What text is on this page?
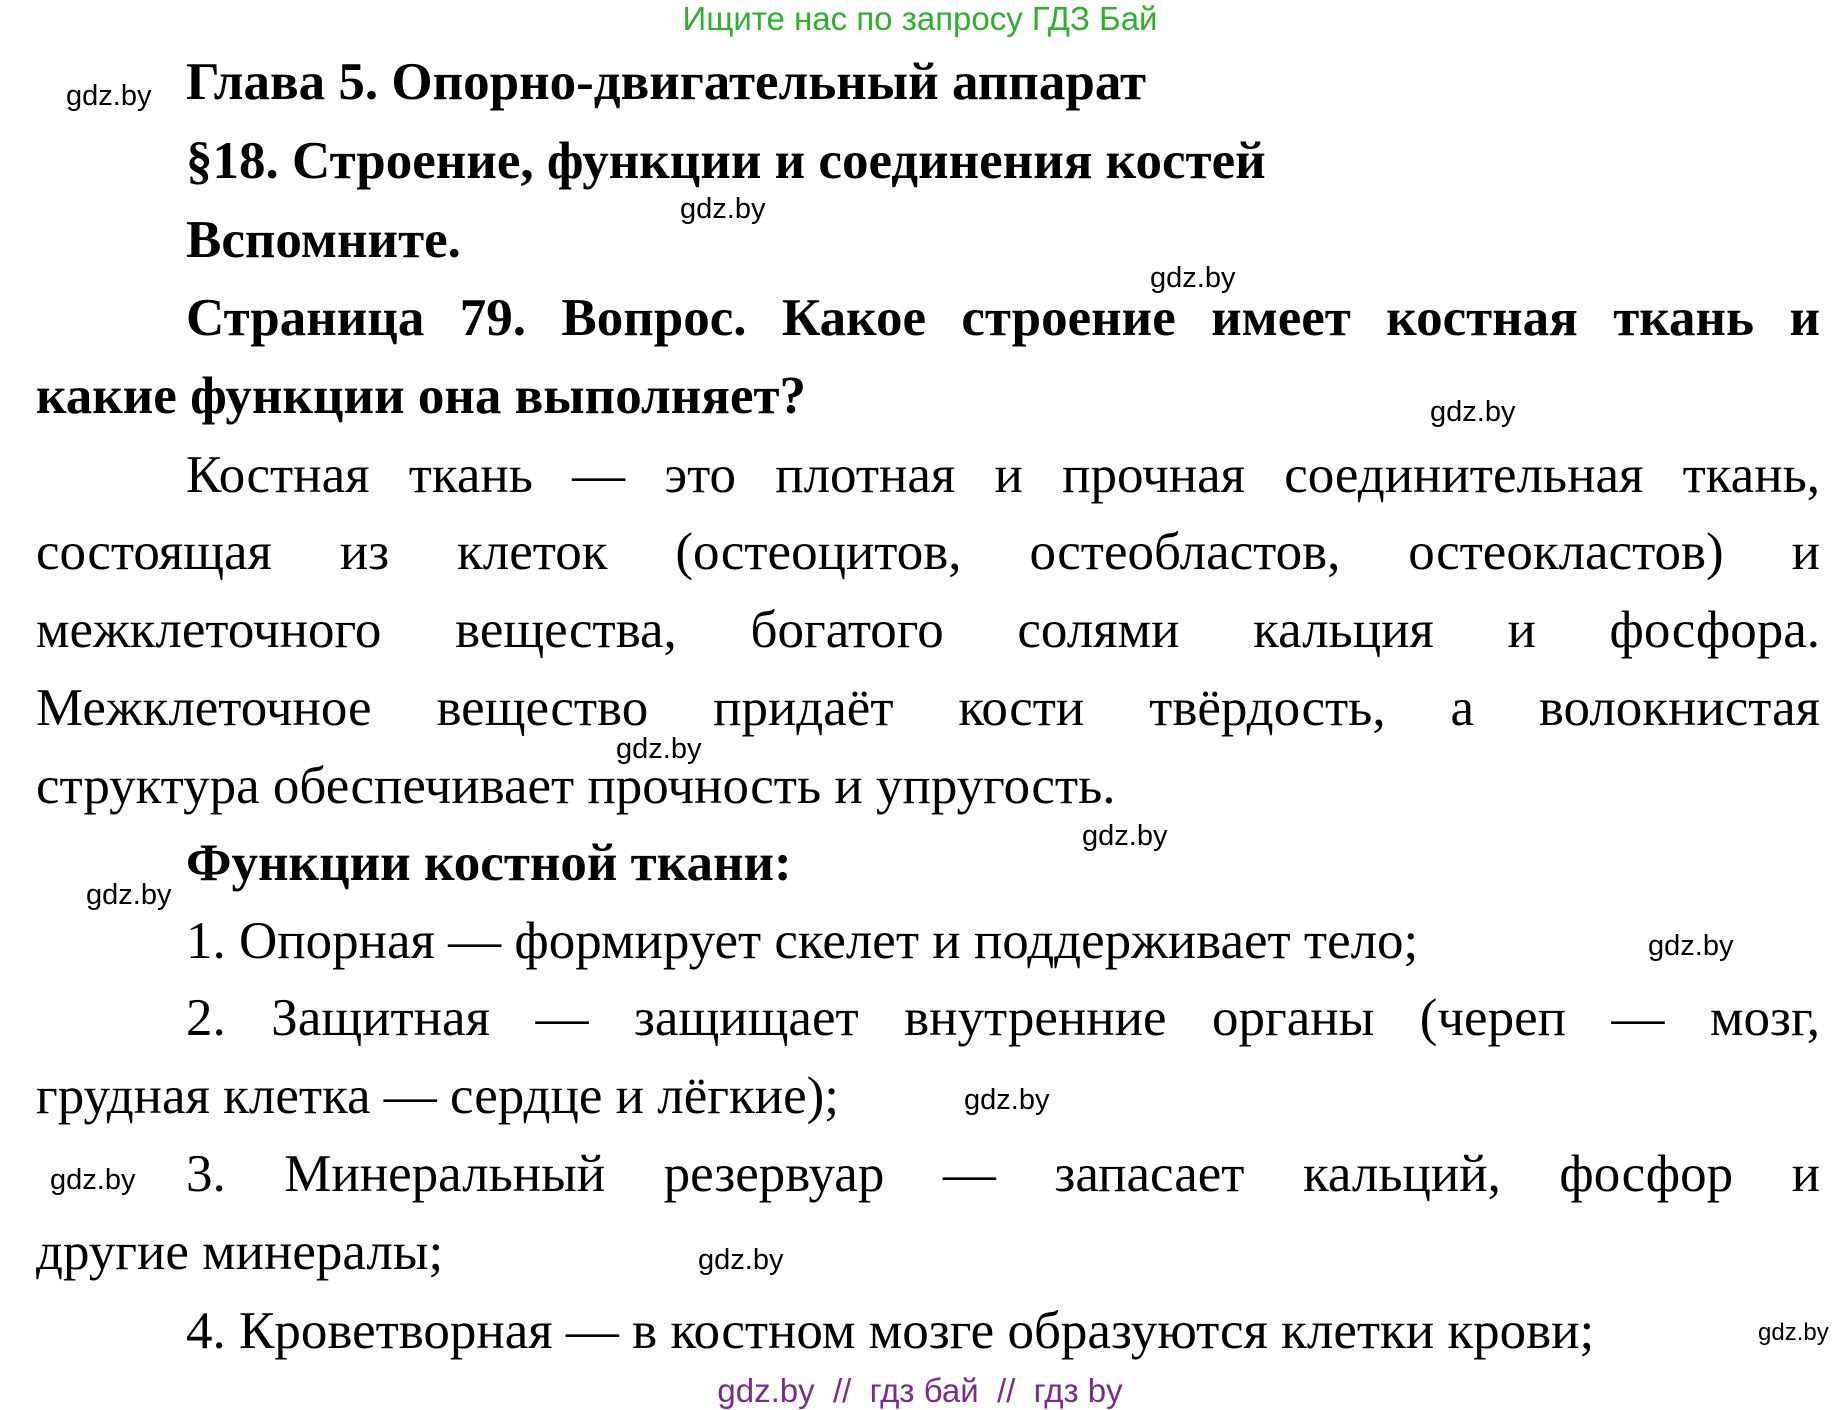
Ищите нас по запросу ГДЗ Бай
Глава 5. Опорно-двигательный аппарат
§18. Строение, функции и соединения костей
Вспомните.
Страница 79. Вопрос. Какое строение имеет костная ткань и
какие функции она выполняет?
Костная ткань — это плотная и прочная соединительная ткань,
состоящая из клеток (остеоцитов, остеобластов, остеокластов) и
межклеточного вещества, богатого солями кальция и фосфора.
Межклеточное вещество придаёт кости твёрдость, а волокнистая
структура обеспечивает прочность и упругость.
Функции костной ткани:
1. Опорная — формирует скелет и поддерживает тело;
2. Защитная — защищает внутренние органы (череп — мозг,
грудная клетка — сердце и лёгкие);
3. Минеральный резервуар — запасает кальций, фосфор и
другие минералы;
4. Кроветворная — в костном мозге образуются клетки крови;
gdz.by
gdz.by
gdz.by
gdz.by
gdz.by
gdz.by
gdz.by
gdz.by
gdz.by
gdz.by
gdz.by
gdz.by
gdz.by  //  гдз бай  //  гдз by
